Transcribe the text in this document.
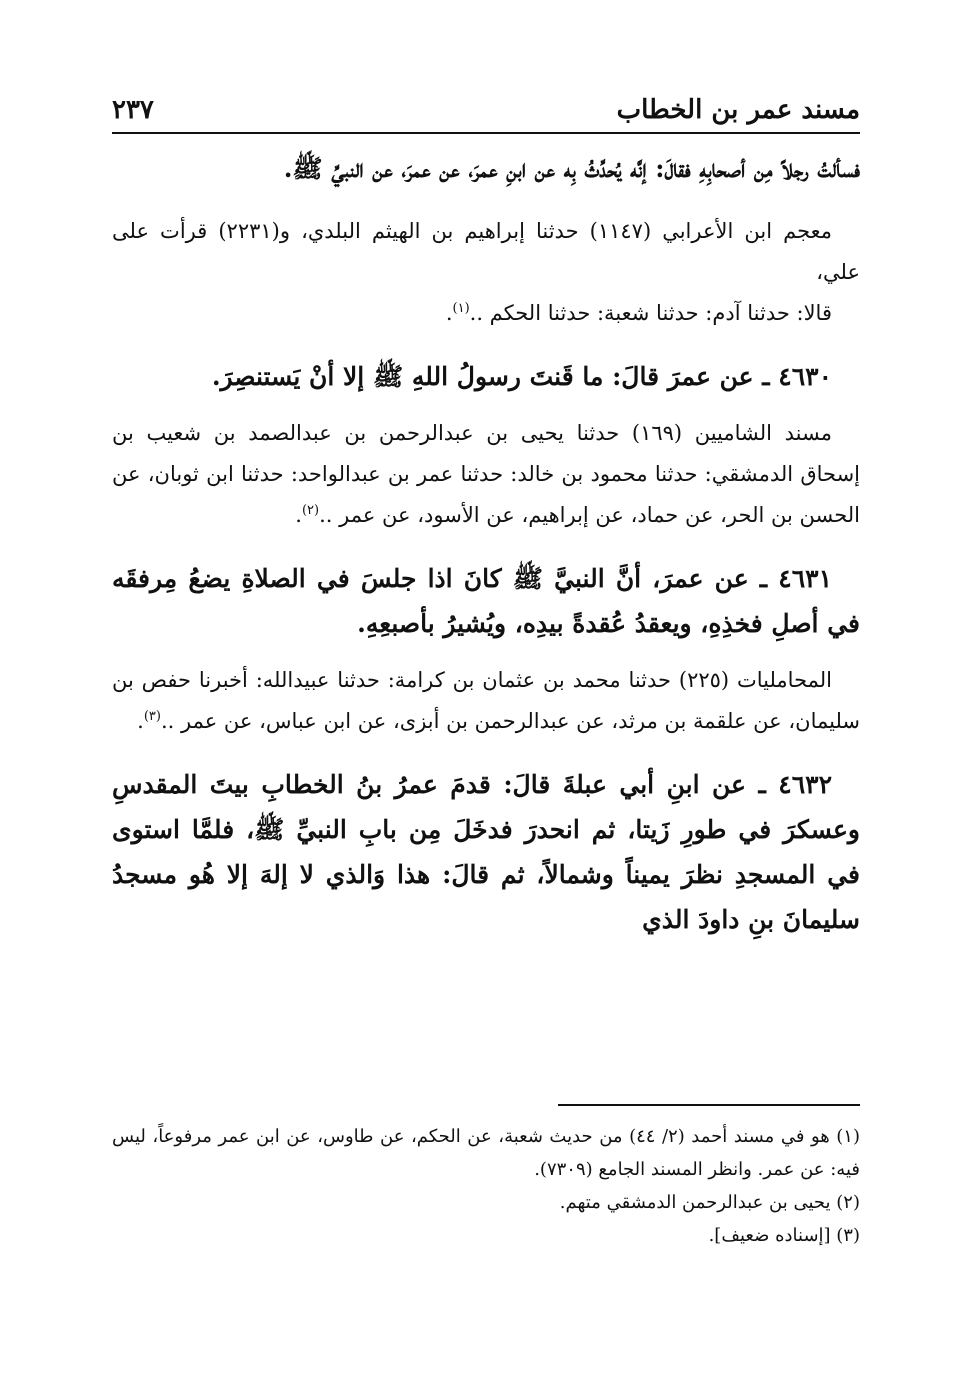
مسند عمر بن الخطاب
٢٣٧

فسألتُ رجلاً مِن أصحابِهِ فقالَ: إنَّه يُحدِّثُ بِه عن ابنِ عمرَ، عن عمرَ، عن النبيِّ ﷺ.

معجم ابن الأعرابي (١١٤٧) حدثنا إبراهيم بن الهيثم البلدي، و(٢٢٣١) قرأت على علي،

قالا: حدثنا آدم: حدثنا شعبة: حدثنا الحكم ..$^{(١)}$.

٤٦٣٠ ـ عن عمرَ قالَ: ما قَنتَ رسولُ اللهِ ﷺ إلا أنْ يَستنصِرَ.

مسند الشاميين (١٦٩) حدثنا يحيى بن عبدالرحمن بن عبدالصمد بن شعيب بن إسحاق الدمشقي: حدثنا محمود بن خالد: حدثنا عمر بن عبدالواحد: حدثنا ابن ثوبان، عن الحسن بن الحر، عن حماد، عن إبراهيم، عن الأسود، عن عمر ..$^{(٢)}$.

٤٦٣١ ـ عن عمرَ، أنَّ النبيَّ ﷺ كانَ اذا جلسَ في الصلاةِ يضعُ مِرفقَه في أصلِ فخذِهِ، ويعقدُ عُقدةً بيدِه، ويُشيرُ بأصبعِهِ.

المحامليات (٢٢٥) حدثنا محمد بن عثمان بن كرامة: حدثنا عبيدالله: أخبرنا حفص بن سليمان، عن علقمة بن مرثد، عن عبدالرحمن بن أبزى، عن ابن عباس، عن عمر ..$^{(٣)}$.

٤٦٣٢ ـ عن ابنِ أبي عبلةَ قالَ: قدمَ عمرُ بنُ الخطابِ بيتَ المقدسِ وعسكرَ في طورِ زَيتا، ثم انحدرَ فدخَلَ مِن بابِ النبيِّ ﷺ، فلمَّا استوى في المسجدِ نظرَ يميناً وشمالاً، ثم قالَ: هذا وَالذي لا إلهَ إلا هُو مسجدُ سليمانَ بنِ داودَ الذي

(١) هو في مسند أحمد (٢/ ٤٤) من حديث شعبة، عن الحكم، عن طاوس، عن ابن عمر مرفوعاً، ليس فيه: عن عمر. وانظر المسند الجامع (٧٣٠٩).

(٢) يحيى بن عبدالرحمن الدمشقي متهم.

(٣) [إسناده ضعيف].
